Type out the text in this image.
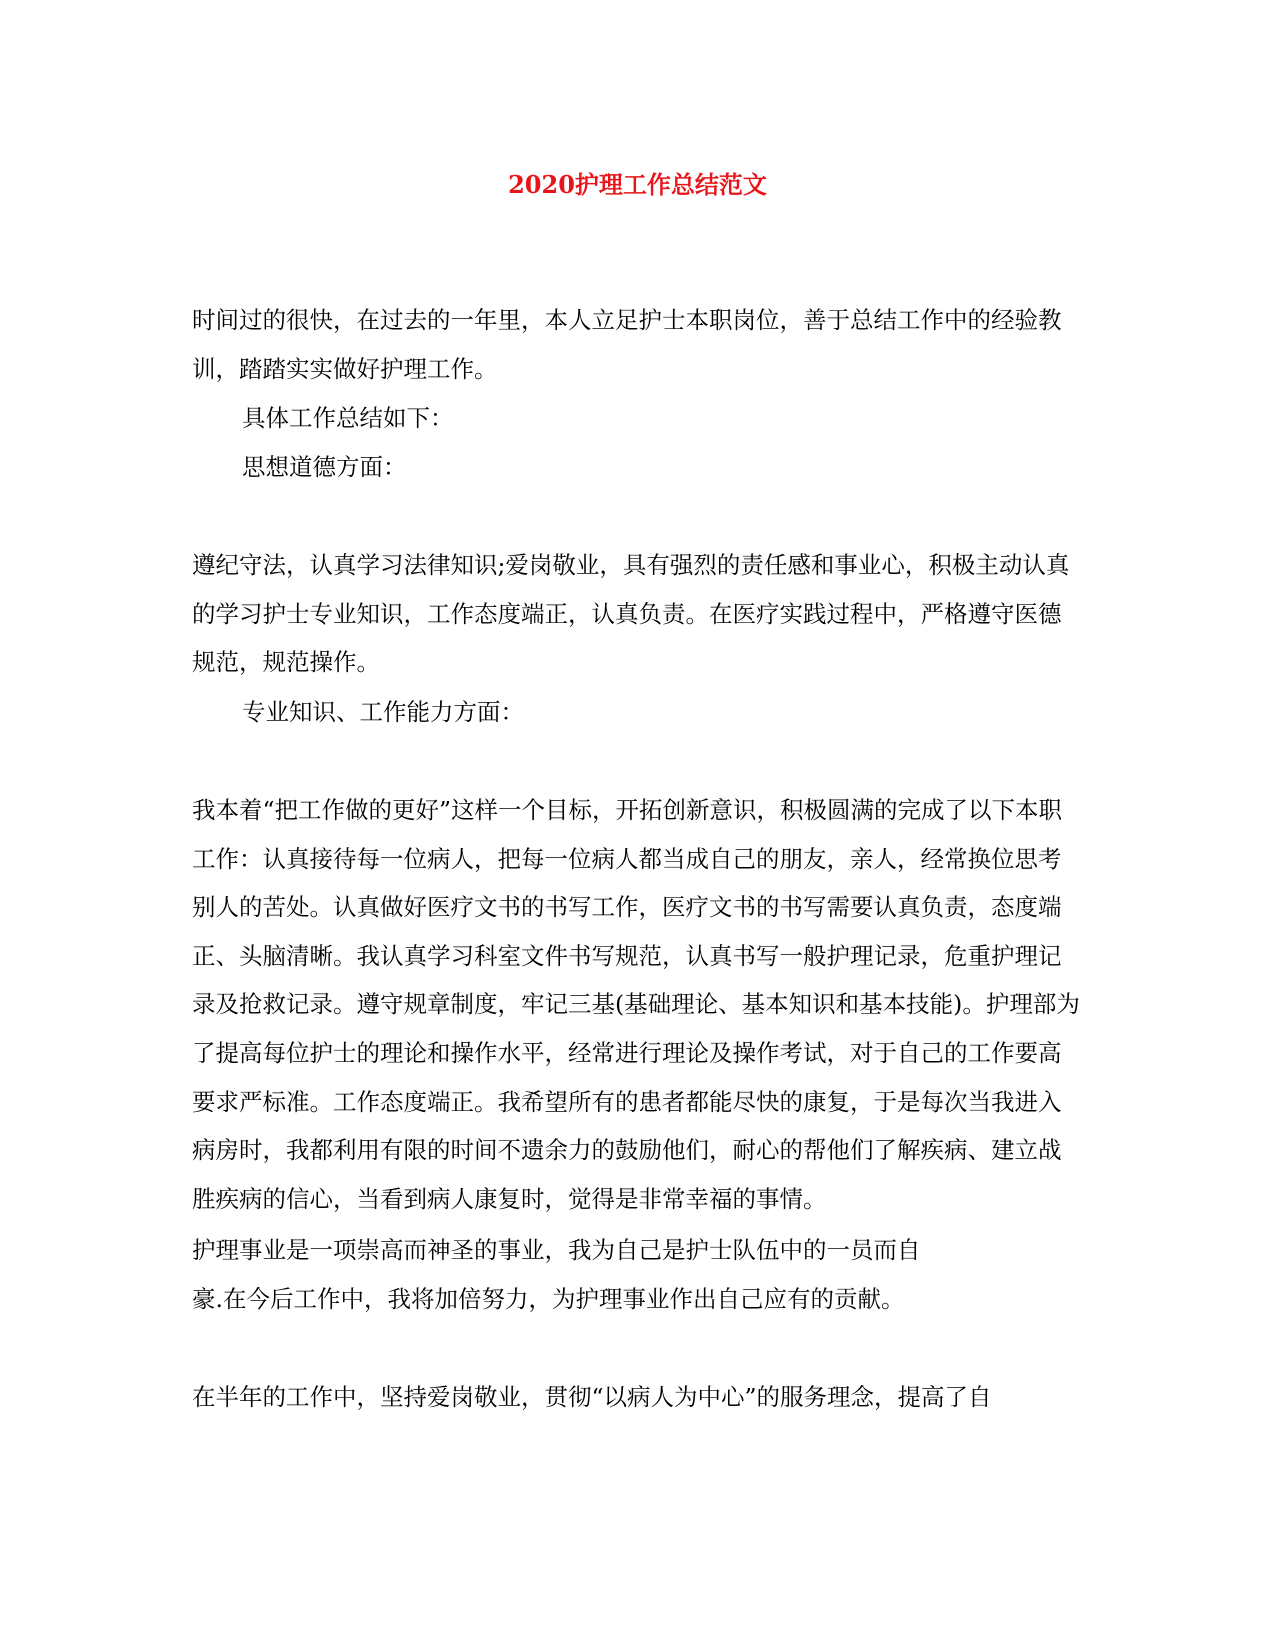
2020护理工作总结范文

时间过的很快，在过去的一年里，本人立足护士本职岗位，善于总结工作中的经验教训，踏踏实实做好护理工作。

具体工作总结如下：

思想道德方面：

遵纪守法，认真学习法律知识;爱岗敬业，具有强烈的责任感和事业心，积极主动认真的学习护士专业知识，工作态度端正，认真负责。在医疗实践过程中，严格遵守医德规范，规范操作。

专业知识、工作能力方面：

我本着“把工作做的更好”这样一个目标，开拓创新意识，积极圆满的完成了以下本职工作：认真接待每一位病人，把每一位病人都当成自己的朋友，亲人，经常换位思考别人的苦处。认真做好医疗文书的书写工作，医疗文书的书写需要认真负责，态度端正、头脑清晰。我认真学习科室文件书写规范，认真书写一般护理记录，危重护理记录及抢救记录。遵守规章制度，牢记三基(基础理论、基本知识和基本技能)。护理部为了提高每位护士的理论和操作水平，经常进行理论及操作考试，对于自己的工作要高要求严标准。工作态度端正。我希望所有的患者都能尽快的康复，于是每次当我进入病房时，我都利用有限的时间不遗余力的鼓励他们，耐心的帮他们了解疾病、建立战胜疾病的信心，当看到病人康复时，觉得是非常幸福的事情。

护理事业是一项崇高而神圣的事业，我为自己是护士队伍中的一员而自

豪.在今后工作中，我将加倍努力，为护理事业作出自己应有的贡献。

在半年的工作中，坚持爱岗敬业，贯彻“以病人为中心”的服务理念，提高了自
